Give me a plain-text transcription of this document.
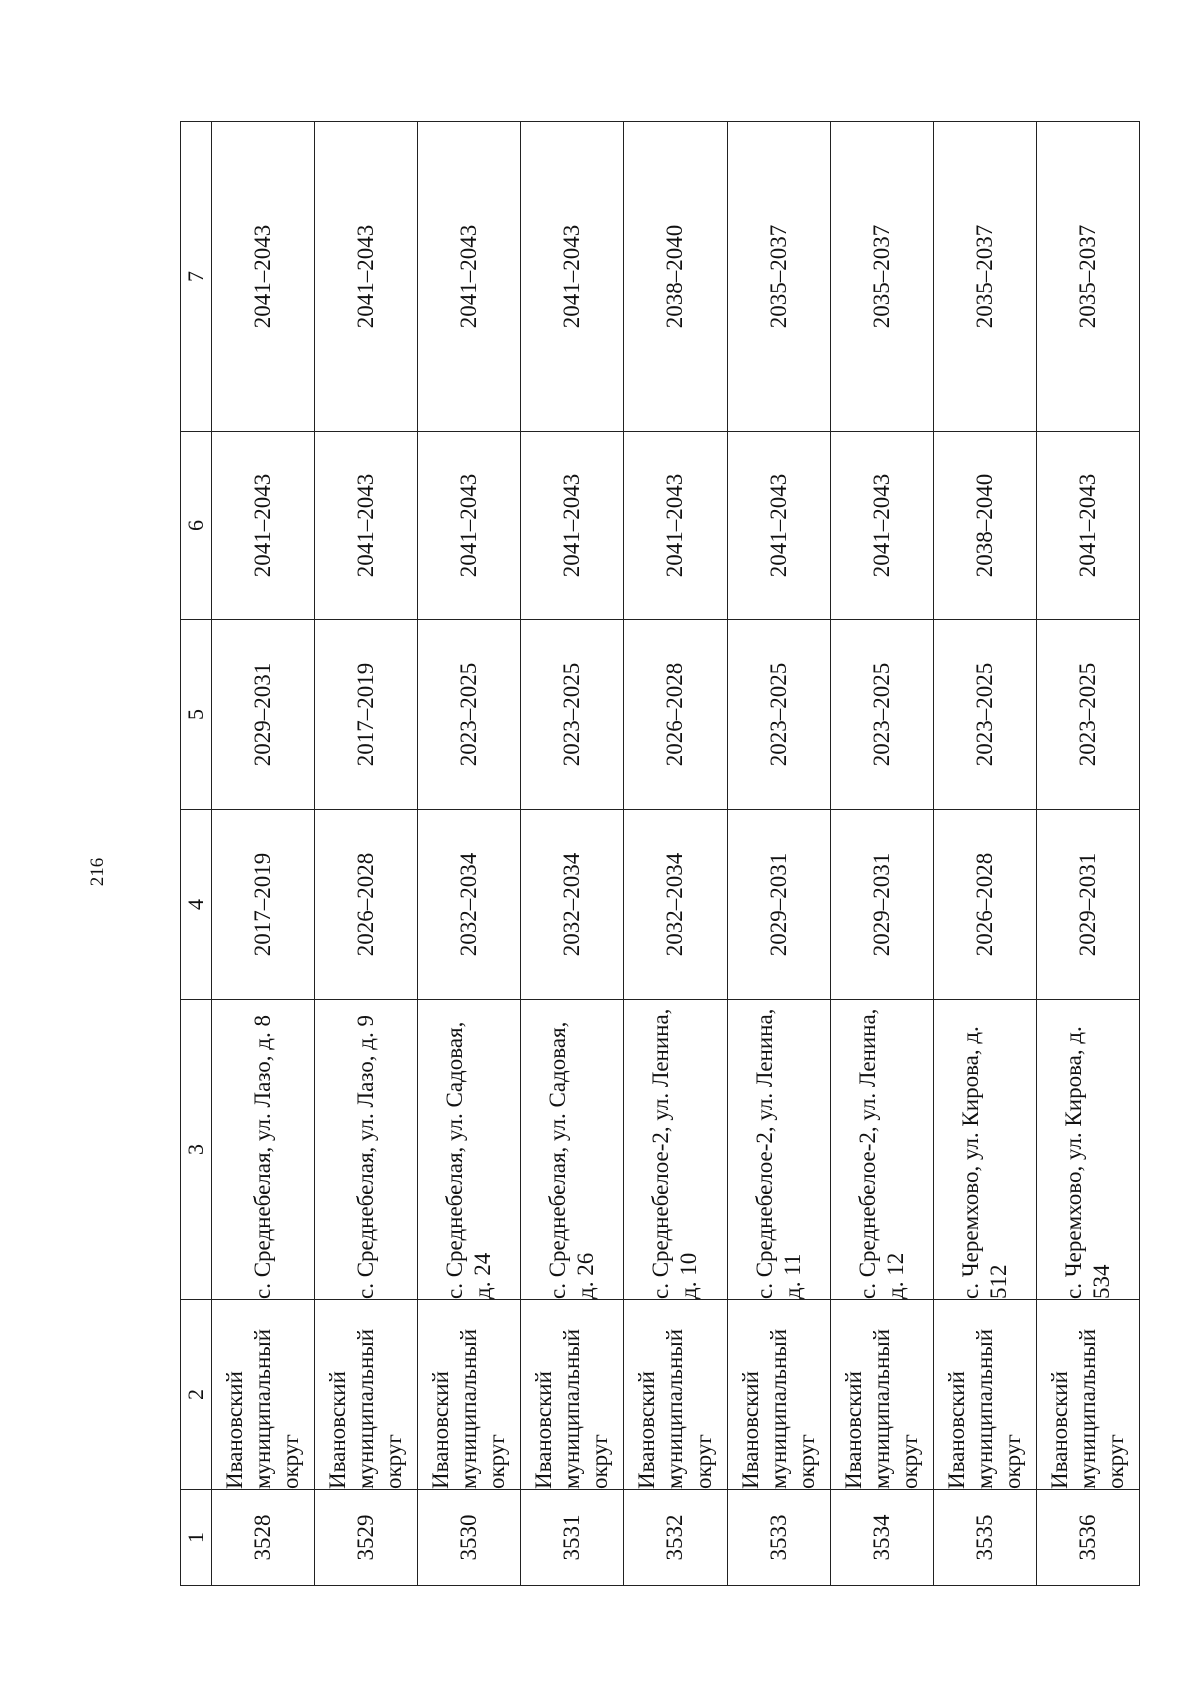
216
1	2	3	4	5	6	7
3528	Ивановский муниципальный округ	с. Среднебелая, ул. Лазо, д. 8	2017–2019	2029–2031	2041–2043	2041–2043
3529	Ивановский муниципальный округ	с. Среднебелая, ул. Лазо, д. 9	2026–2028	2017–2019	2041–2043	2041–2043
3530	Ивановский муниципальный округ	с. Среднебелая, ул. Садовая, д. 24	2032–2034	2023–2025	2041–2043	2041–2043
3531	Ивановский муниципальный округ	с. Среднебелая, ул. Садовая, д. 26	2032–2034	2023–2025	2041–2043	2041–2043
3532	Ивановский муниципальный округ	с. Среднебелое-2, ул. Ленина, д. 10	2032–2034	2026–2028	2041–2043	2038–2040
3533	Ивановский муниципальный округ	с. Среднебелое-2, ул. Ленина, д. 11	2029–2031	2023–2025	2041–2043	2035–2037
3534	Ивановский муниципальный округ	с. Среднебелое-2, ул. Ленина, д. 12	2029–2031	2023–2025	2041–2043	2035–2037
3535	Ивановский муниципальный округ	с. Черемхово, ул. Кирова, д. 512	2026–2028	2023–2025	2038–2040	2035–2037
3536	Ивановский муниципальный округ	с. Черемхово, ул. Кирова, д. 534	2029–2031	2023–2025	2041–2043	2035–2037
